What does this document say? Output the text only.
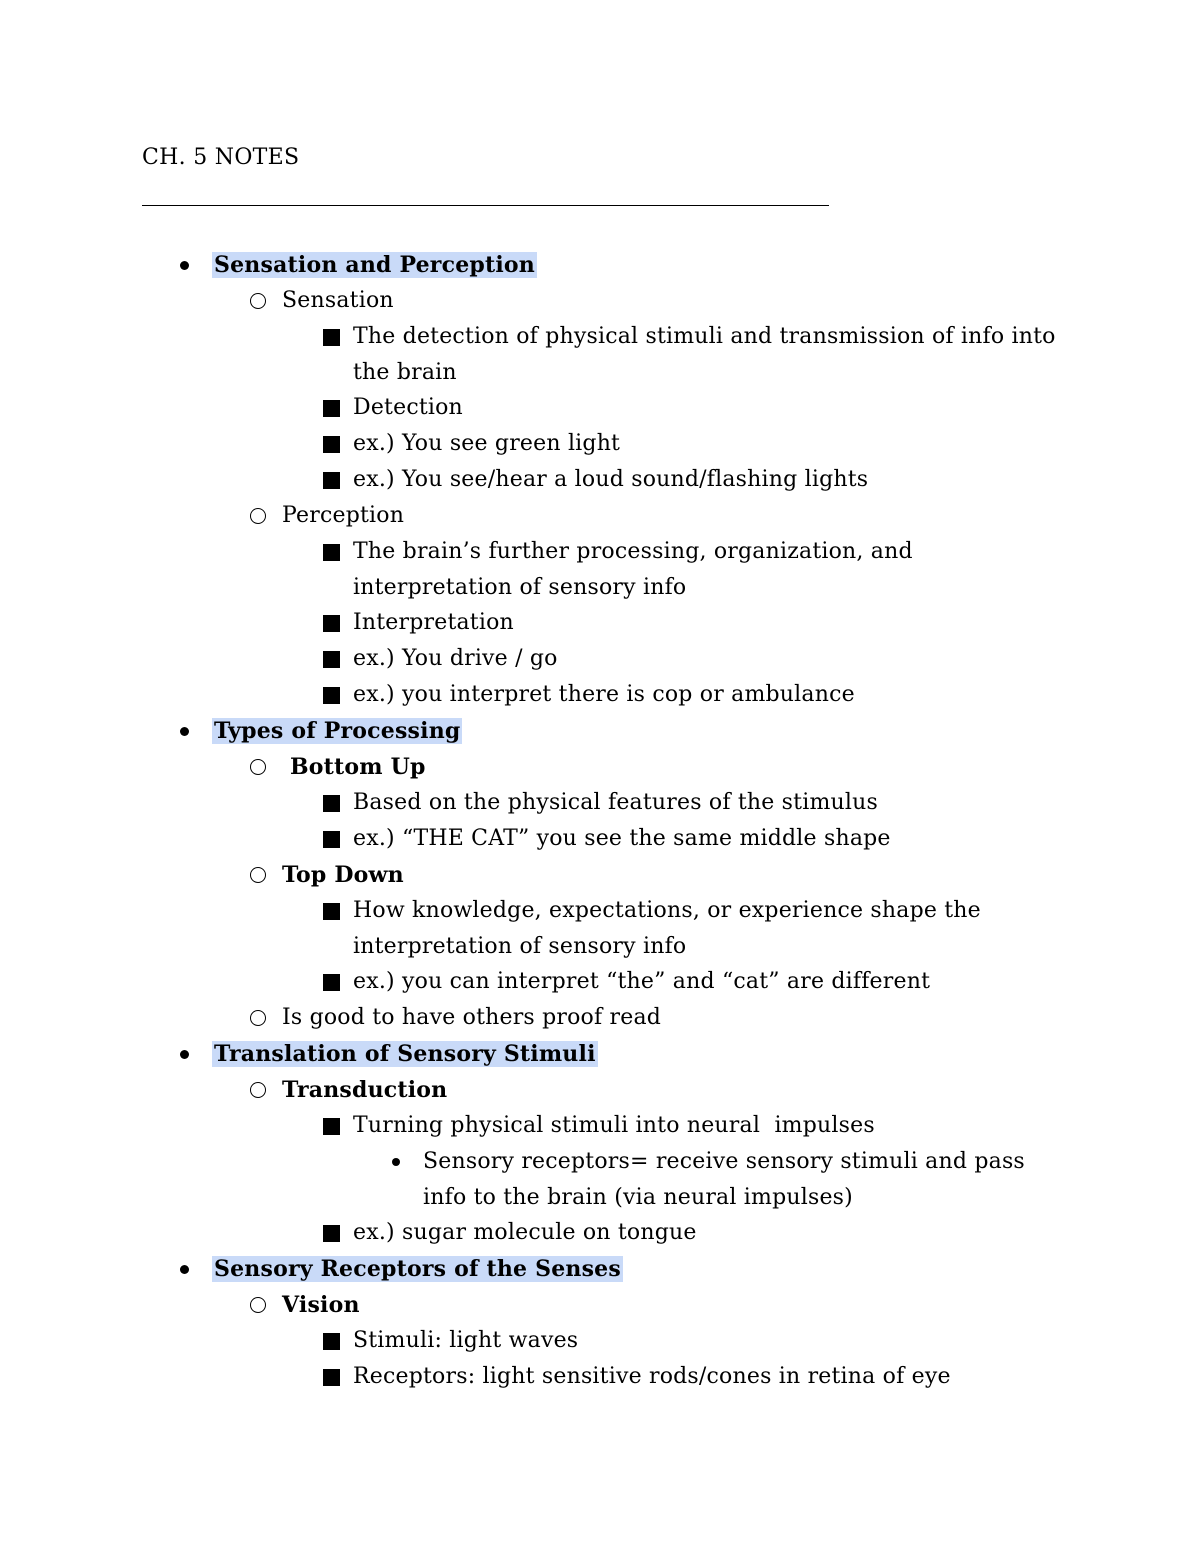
CH. 5 NOTES
Sensation and Perception
Sensation
The detection of physical stimuli and transmission of info into the brain
Detection
ex.) You see green light
ex.) You see/hear a loud sound/flashing lights
Perception
The brain’s further processing, organization, and interpretation of sensory info
Interpretation
ex.) You drive / go
ex.) you interpret there is cop or ambulance
Types of Processing
Bottom Up
Based on the physical features of the stimulus
ex.) “THE CAT” you see the same middle shape
Top Down
How knowledge, expectations, or experience shape the interpretation of sensory info
ex.) you can interpret “the” and “cat” are different
Is good to have others proof read
Translation of Sensory Stimuli
Transduction
Turning physical stimuli into neural  impulses
Sensory receptors= receive sensory stimuli and pass info to the brain (via neural impulses)
ex.) sugar molecule on tongue
Sensory Receptors of the Senses
Vision
Stimuli: light waves
Receptors: light sensitive rods/cones in retina of eye
